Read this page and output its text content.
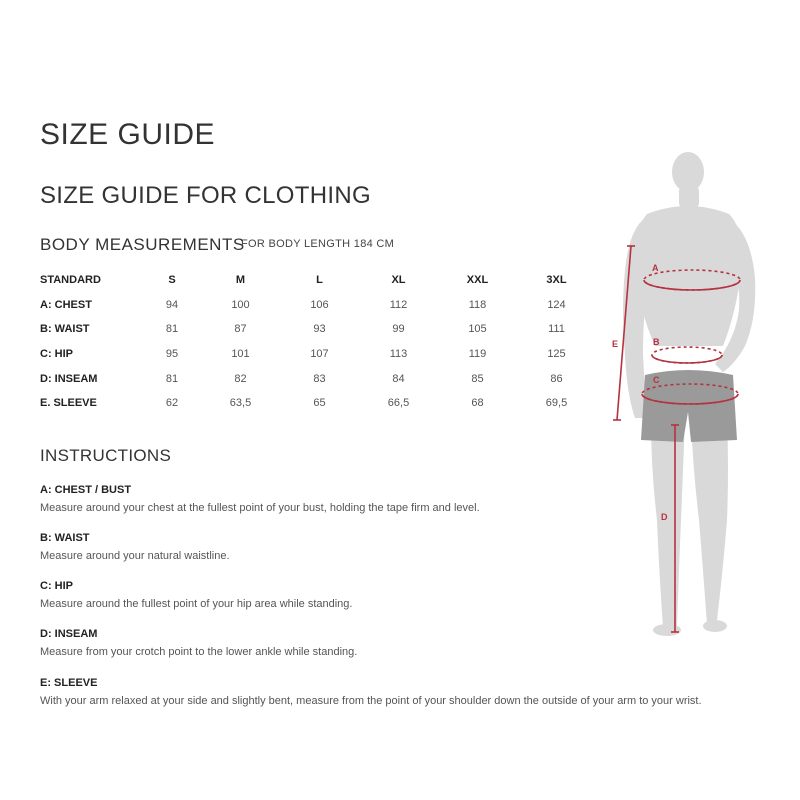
SIZE GUIDE
SIZE GUIDE FOR CLOTHING
BODY MEASUREMENTS
FOR BODY LENGTH 184 CM
STANDARD	S	M	L	XL	XXL	3XL
A: CHEST	94	100	106	112	118	124
B: WAIST	81	87	93	99	105	111
C: HIP	95	101	107	113	119	125
D: INSEAM	81	82	83	84	85	86
E. SLEEVE	62	63,5	65	66,5	68	69,5
INSTRUCTIONS
A: CHEST / BUST
Measure around your chest at the fullest point of your bust, holding the tape firm and level.
B: WAIST
Measure around your natural waistline.
C: HIP
Measure around the fullest point of your hip area while standing.
D: INSEAM
Measure from your crotch point to the lower ankle while standing.
E: SLEEVE
With your arm relaxed at your side and slightly bent, measure from the point of your shoulder down the outside of your arm to your wrist.
E
A
B
C
D
